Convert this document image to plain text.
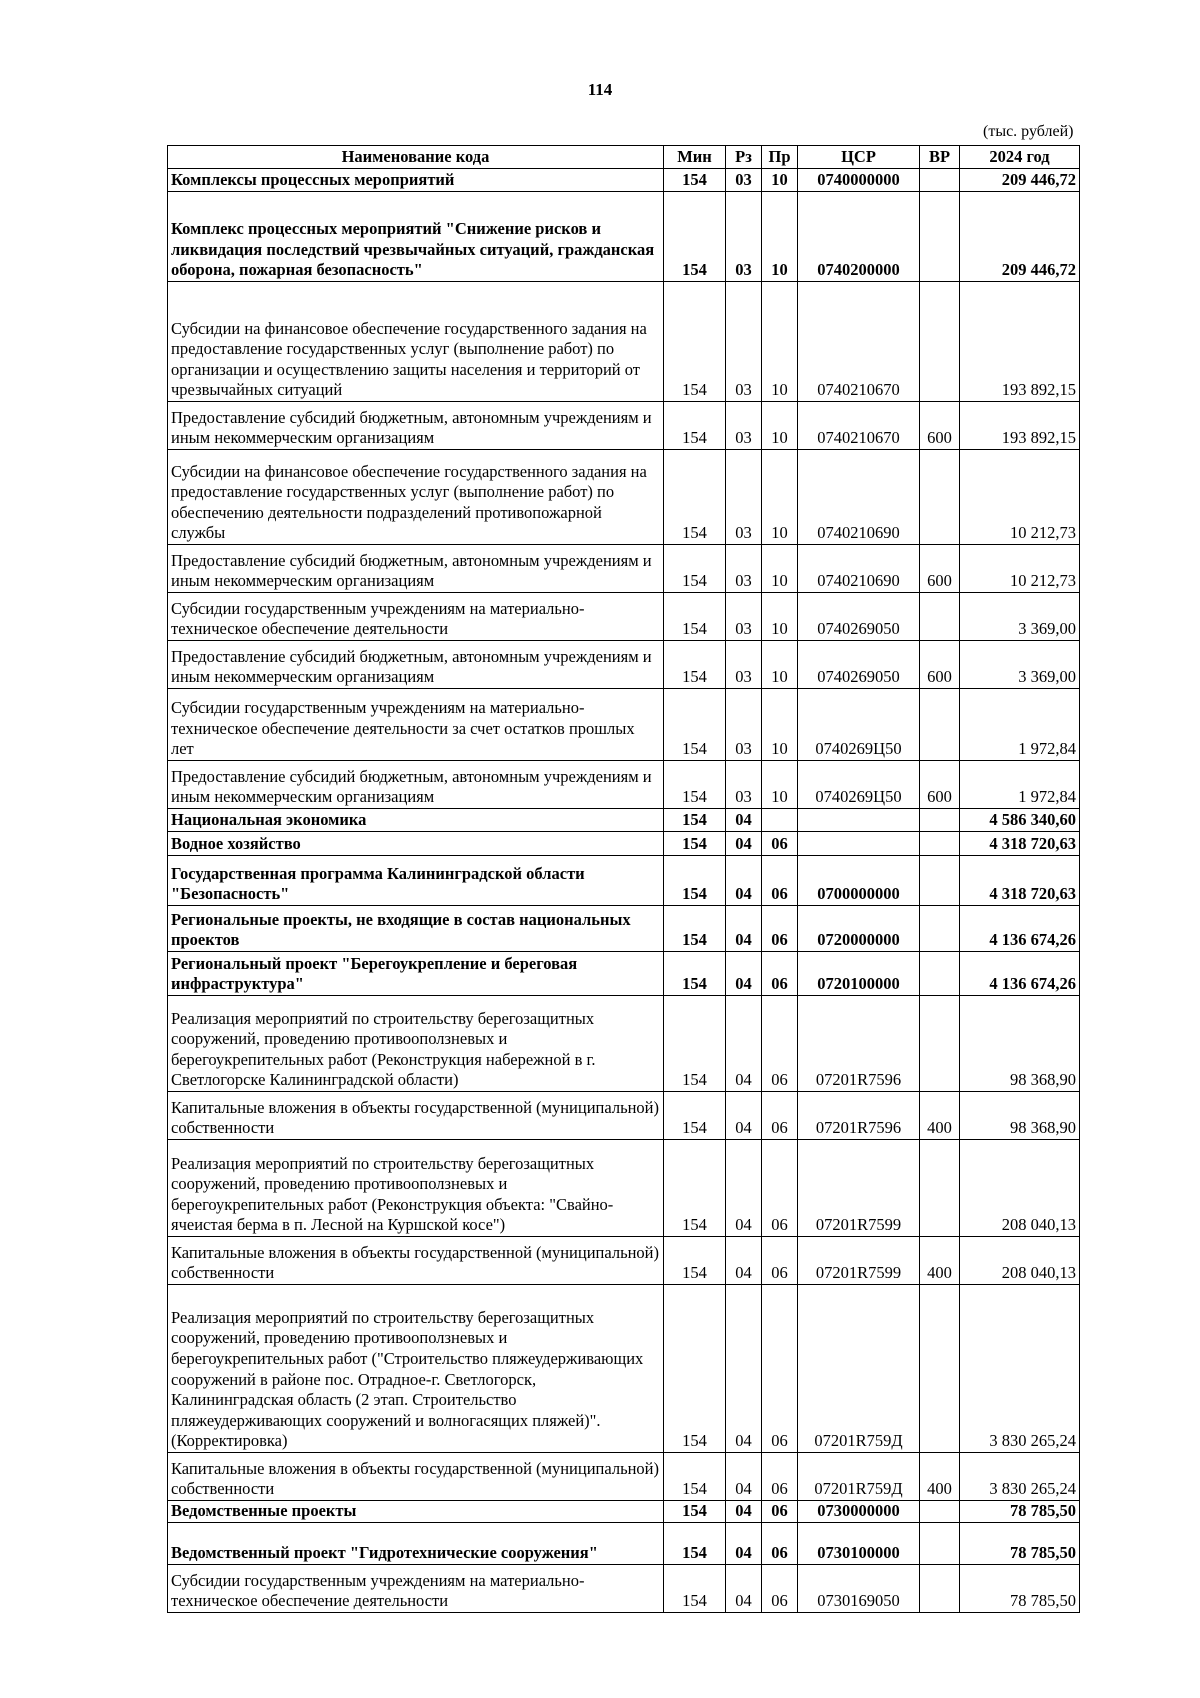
114
(тыс. рублей)
Наименование кода	Мин	Рз	Пр	ЦСР	ВР	2024 год
Комплексы процессных мероприятий	154	03	10	0740000000		209 446,72
Комплекс процессных мероприятий "Снижение рисков и ликвидация последствий чрезвычайных ситуаций, гражданская оборона, пожарная безопасность"	154	03	10	0740200000		209 446,72
Субсидии на финансовое обеспечение государственного задания на предоставление государственных услуг (выполнение работ) по организации и осуществлению защиты населения и территорий от чрезвычайных ситуаций	154	03	10	0740210670		193 892,15
Предоставление субсидий бюджетным, автономным учреждениям и иным некоммерческим организациям	154	03	10	0740210670	600	193 892,15
Субсидии на финансовое обеспечение государственного задания на предоставление государственных услуг (выполнение работ) по обеспечению деятельности подразделений противопожарной службы	154	03	10	0740210690		10 212,73
Предоставление субсидий бюджетным, автономным учреждениям и иным некоммерческим организациям	154	03	10	0740210690	600	10 212,73
Субсидии государственным учреждениям на материально-техническое обеспечение деятельности	154	03	10	0740269050		3 369,00
Предоставление субсидий бюджетным, автономным учреждениям и иным некоммерческим организациям	154	03	10	0740269050	600	3 369,00
Субсидии государственным учреждениям на материально-техническое обеспечение деятельности за счет остатков прошлых лет	154	03	10	0740269Ц50		1 972,84
Предоставление субсидий бюджетным, автономным учреждениям и иным некоммерческим организациям	154	03	10	0740269Ц50	600	1 972,84
Национальная экономика	154	04				4 586 340,60
Водное хозяйство	154	04	06			4 318 720,63
Государственная программа Калининградской области "Безопасность"	154	04	06	0700000000		4 318 720,63
Региональные проекты, не входящие в состав национальных проектов	154	04	06	0720000000		4 136 674,26
Региональный проект "Берегоукрепление и береговая инфраструктура"	154	04	06	0720100000		4 136 674,26
Реализация мероприятий по строительству берегозащитных сооружений, проведению противооползневых и берегоукрепительных работ (Реконструкция набережной в г. Светлогорске Калининградской области)	154	04	06	07201R7596		98 368,90
Капитальные вложения в объекты государственной (муниципальной) собственности	154	04	06	07201R7596	400	98 368,90
Реализация мероприятий по строительству берегозащитных сооружений, проведению противооползневых и берегоукрепительных работ (Реконструкция объекта: "Свайно-ячеистая берма в п. Лесной на Куршской косе")	154	04	06	07201R7599		208 040,13
Капитальные вложения в объекты государственной (муниципальной) собственности	154	04	06	07201R7599	400	208 040,13
Реализация мероприятий по строительству берегозащитных сооружений, проведению противооползневых и берегоукрепительных работ ("Строительство пляжеудерживающих сооружений в районе пос. Отрадное-г. Светлогорск, Калининградская область (2 этап. Строительство пляжеудерживающих сооружений и волногасящих пляжей)". (Корректировка)	154	04	06	07201R759Д		3 830 265,24
Капитальные вложения в объекты государственной (муниципальной) собственности	154	04	06	07201R759Д	400	3 830 265,24
Ведомственные проекты	154	04	06	0730000000		78 785,50
Ведомственный проект "Гидротехнические сооружения"	154	04	06	0730100000		78 785,50
Субсидии государственным учреждениям на материально-техническое обеспечение деятельности	154	04	06	0730169050		78 785,50
